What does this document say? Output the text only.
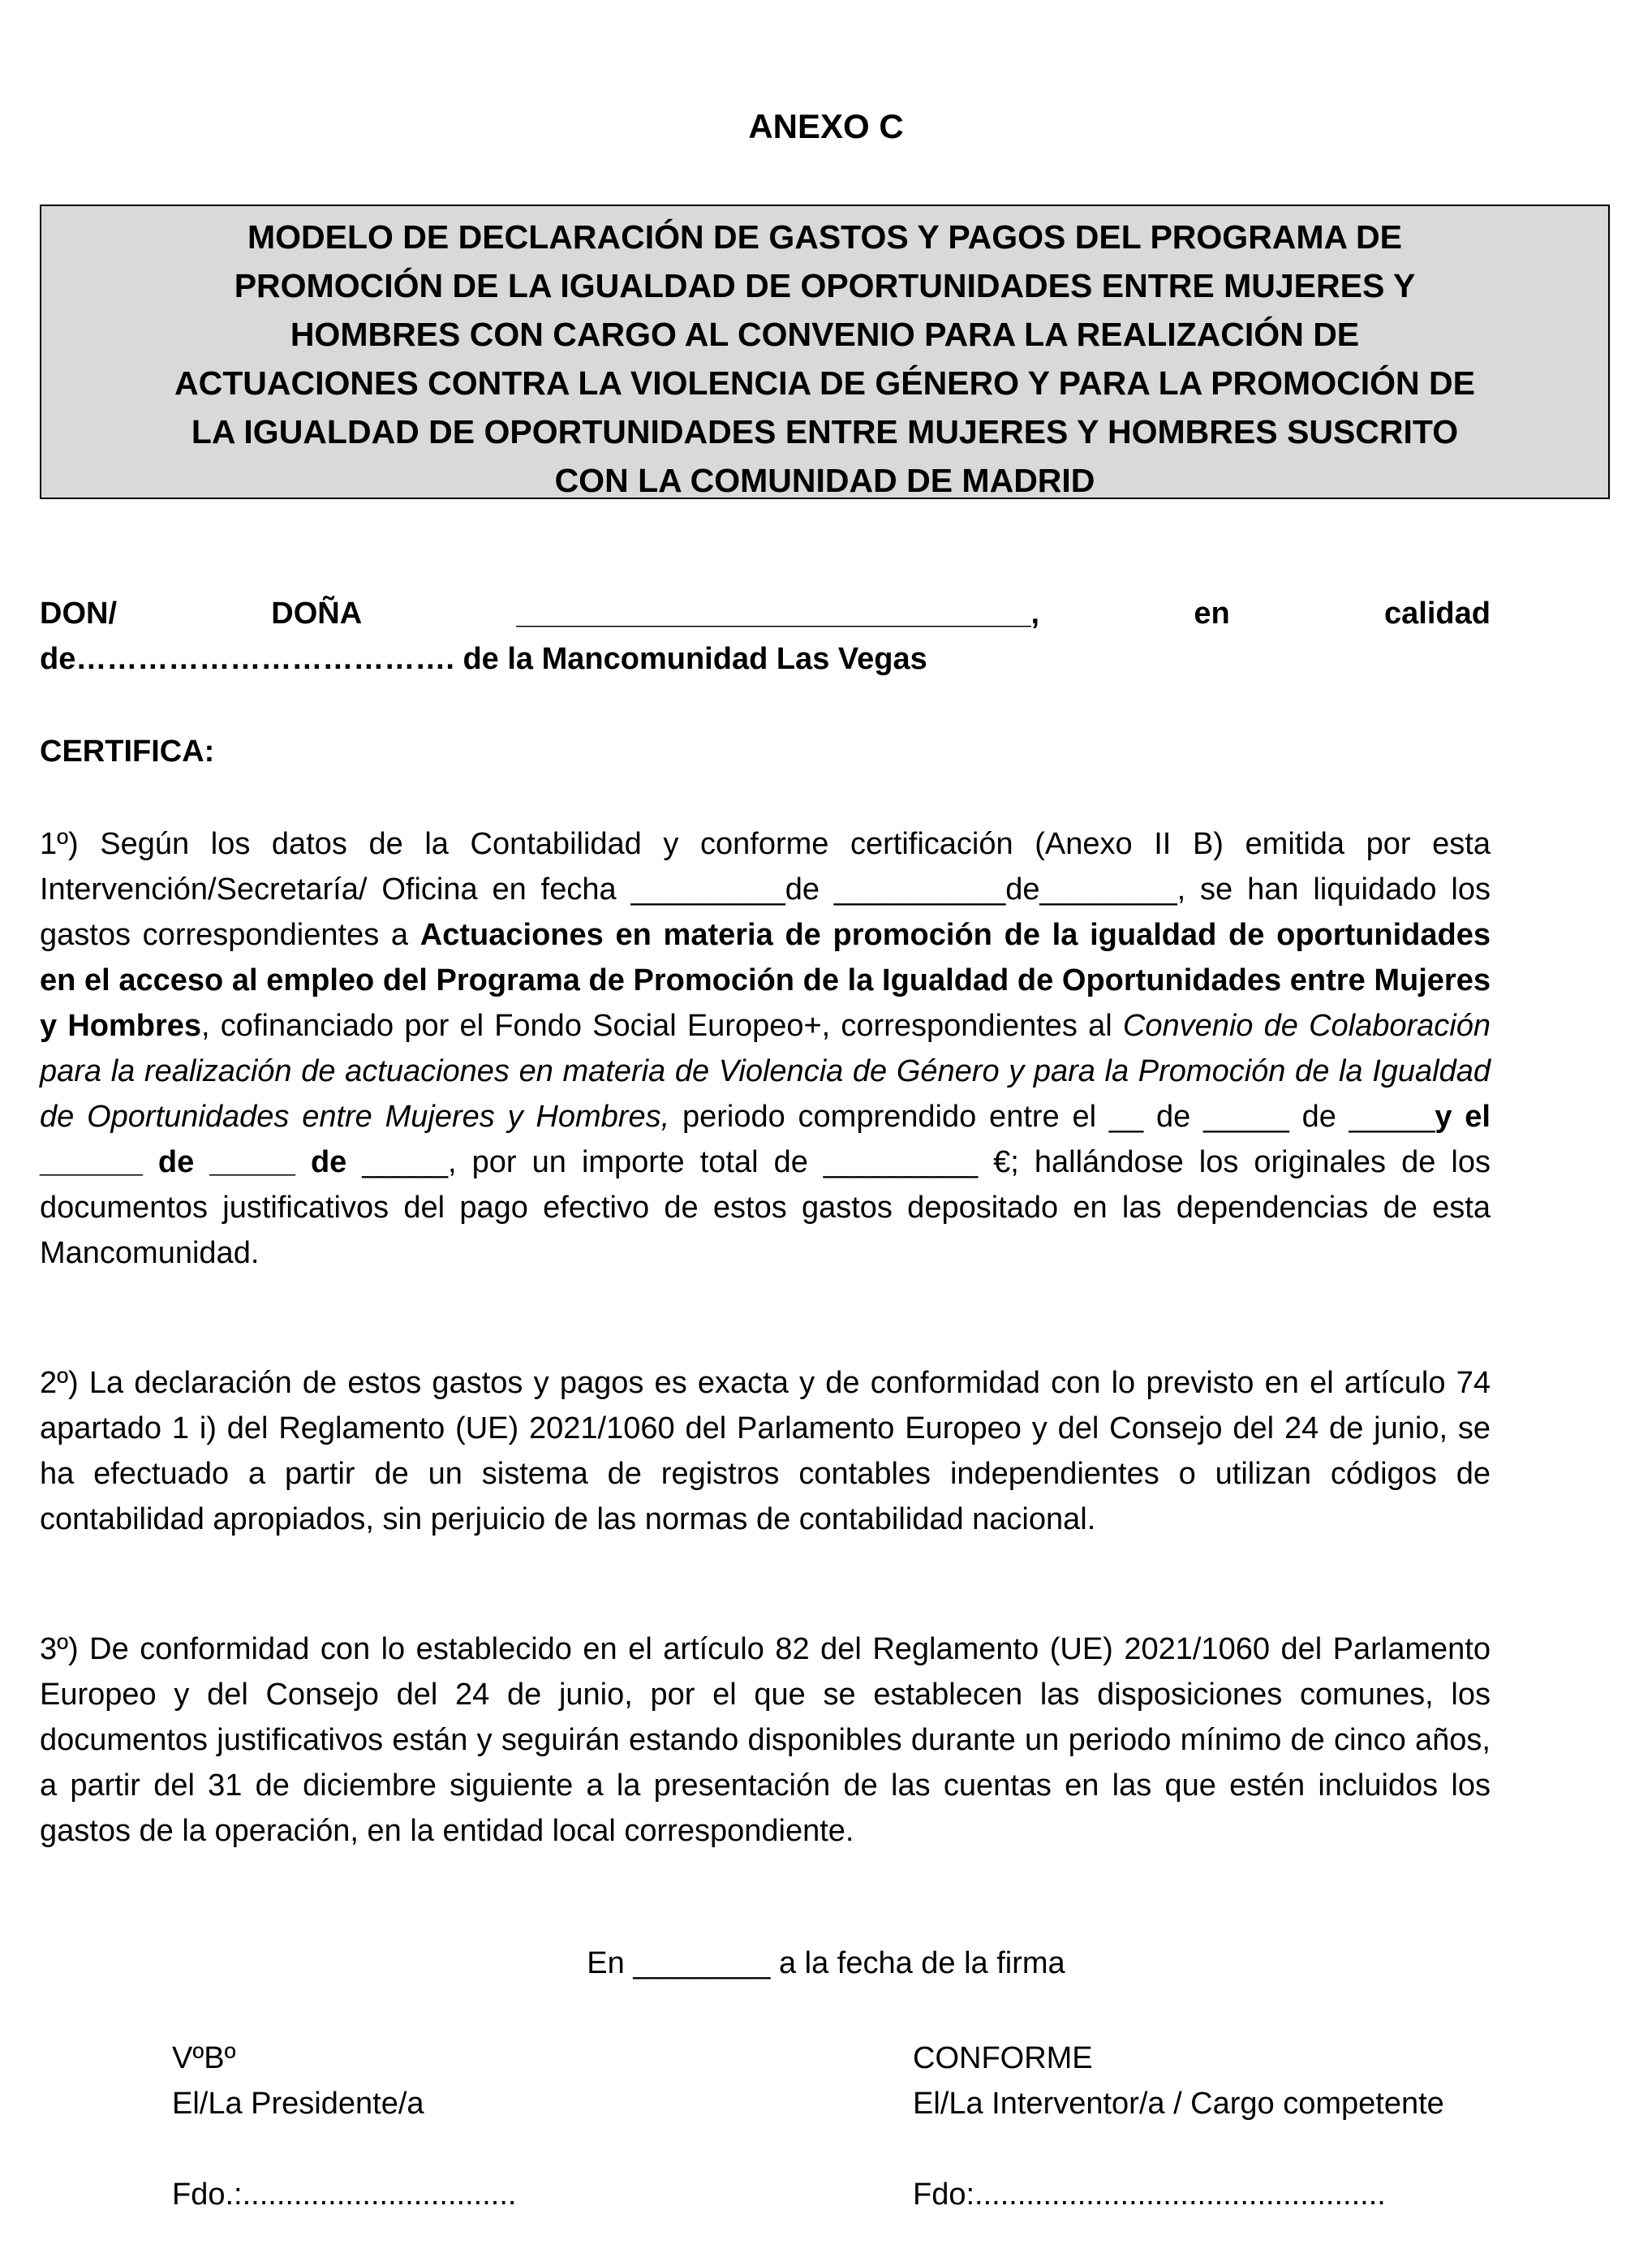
ANEXO C
MODELO DE DECLARACIÓN DE GASTOS Y PAGOS DEL PROGRAMA DE
PROMOCIÓN DE LA IGUALDAD DE OPORTUNIDADES ENTRE MUJERES Y
HOMBRES CON CARGO AL CONVENIO PARA LA REALIZACIÓN DE
ACTUACIONES CONTRA LA VIOLENCIA DE GÉNERO Y PARA LA PROMOCIÓN DE
LA IGUALDAD DE OPORTUNIDADES ENTRE MUJERES Y HOMBRES SUSCRITO
CON LA COMUNIDAD DE MADRID
DON/	DOÑA	______________________________,	en	calidad
de………………………………. de la Mancomunidad Las Vegas
CERTIFICA:
1º) Según los datos de la Contabilidad y conforme certificación (Anexo II B) emitida por esta Intervención/Secretaría/ Oficina en fecha _________de __________de________, se han liquidado los gastos correspondientes a Actuaciones en materia de promoción de la igualdad de oportunidades en el acceso al empleo del Programa de Promoción de la Igualdad de Oportunidades entre Mujeres y Hombres, cofinanciado por el Fondo Social Europeo+, correspondientes al Convenio de Colaboración para la realización de actuaciones en materia de Violencia de Género y para la Promoción de la Igualdad de Oportunidades entre Mujeres y Hombres, periodo comprendido entre el __ de _____ de _____y el ______ de _____ de _____, por un importe total de _________ €; hallándose los originales de los documentos justificativos del pago efectivo de estos gastos depositado en las dependencias de esta Mancomunidad.
2º) La declaración de estos gastos y pagos es exacta y de conformidad con lo previsto en el artículo 74 apartado 1 i) del Reglamento (UE) 2021/1060 del Parlamento Europeo y del Consejo del 24 de junio, se ha efectuado a partir de un sistema de registros contables independientes o utilizan códigos de contabilidad apropiados, sin perjuicio de las normas de contabilidad nacional.
3º) De conformidad con lo establecido en el artículo 82 del Reglamento (UE) 2021/1060 del Parlamento Europeo y del Consejo del 24 de junio, por el que se establecen las disposiciones comunes, los documentos justificativos están y seguirán estando disponibles durante un periodo mínimo de cinco años, a partir del 31 de diciembre siguiente a la presentación de las cuentas en las que estén incluidos los gastos de la operación, en la entidad local correspondiente.
En ________ a la fecha de la firma
VºBº
El/La Presidente/a
Fdo.:................................
CONFORME
El/La Interventor/a / Cargo competente
Fdo:................................................
